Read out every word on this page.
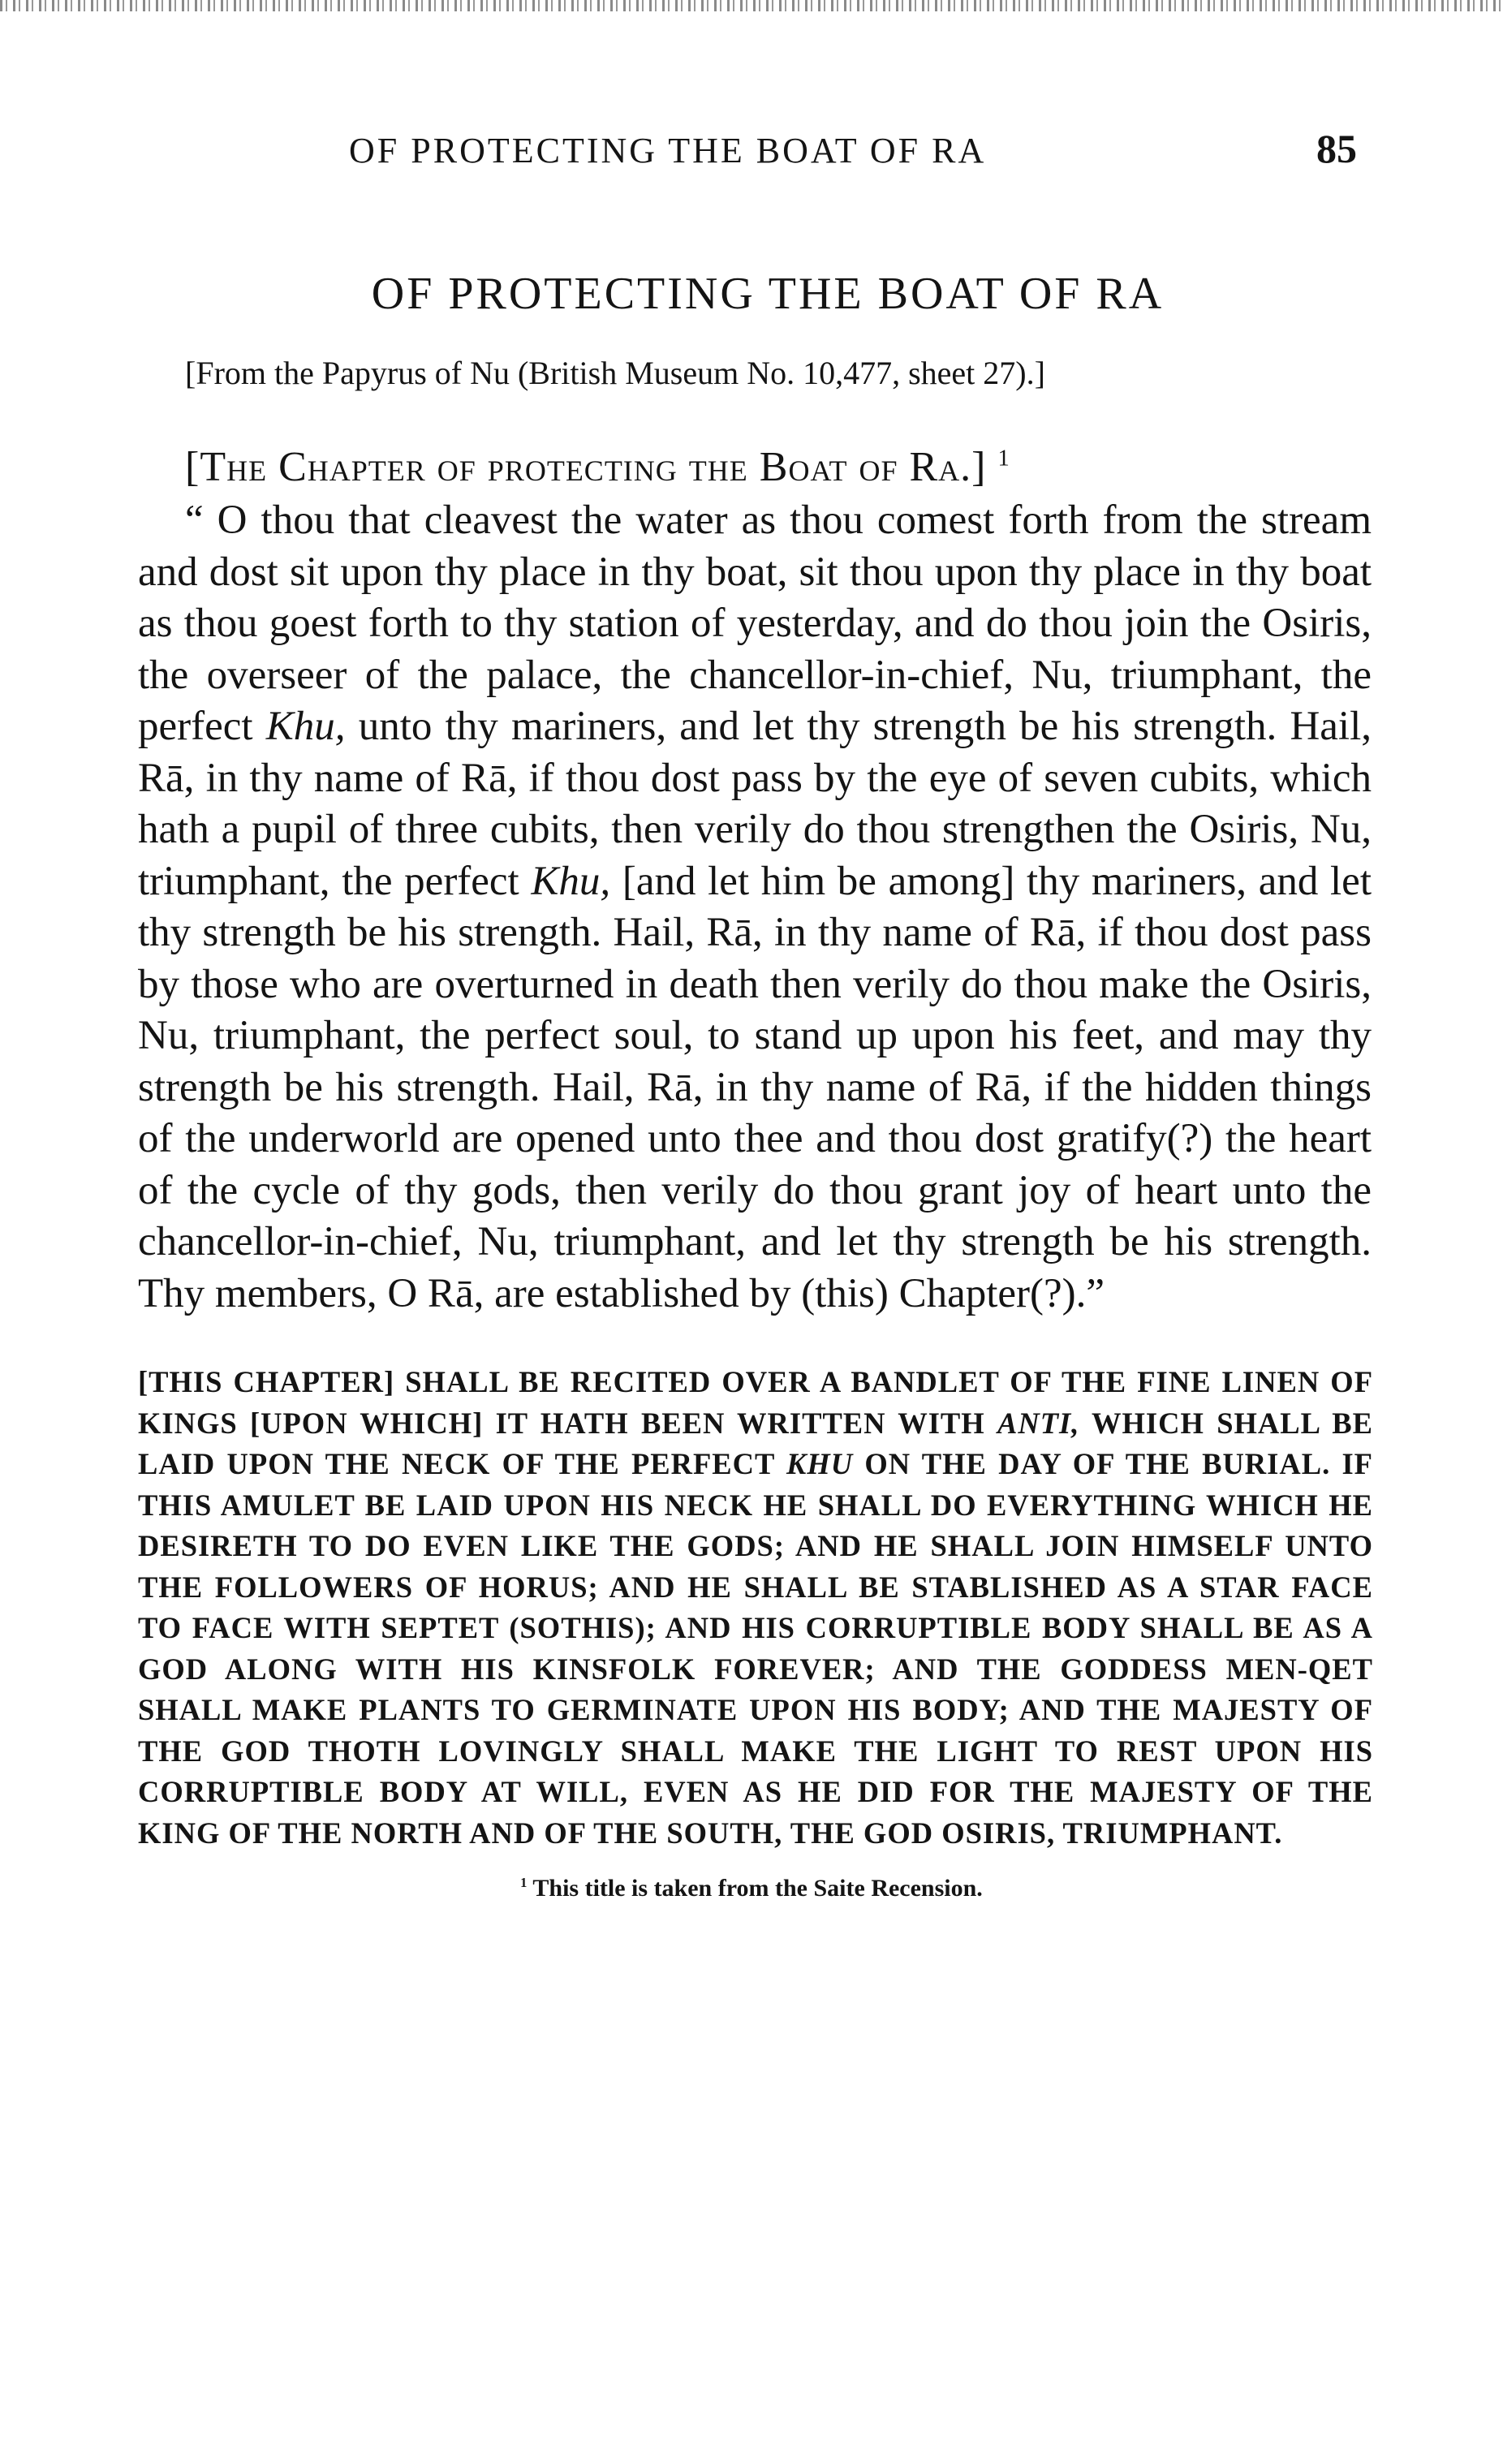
OF PROTECTING THE BOAT OF RA	85
OF PROTECTING THE BOAT OF RA
[From the Papyrus of Nu (British Museum No. 10,477, sheet 27).]
[The Chapter of protecting the Boat of Ra.] $^1$

“ O thou that cleavest the water as thou comest forth from the stream and dost sit upon thy place in thy boat, sit thou upon thy place in thy boat as thou goest forth to thy station of yesterday, and do thou join the Osiris, the overseer of the palace, the chancellor-in-chief, Nu, triumphant, the perfect Khu, unto thy mariners, and let thy strength be his strength. Hail, Rā, in thy name of Rā, if thou dost pass by the eye of seven cubits, which hath a pupil of three cubits, then verily do thou strengthen the Osiris, Nu, triumphant, the perfect Khu, [and let him be among] thy mariners, and let thy strength be his strength. Hail, Rā, in thy name of Rā, if thou dost pass by those who are overturned in death then verily do thou make the Osiris, Nu, triumphant, the perfect soul, to stand up upon his feet, and may thy strength be his strength. Hail, Rā, in thy name of Rā, if the hidden things of the underworld are opened unto thee and thou dost gratify(?) the heart of the cycle of thy gods, then verily do thou grant joy of heart unto the chancellor-in-chief, Nu, triumphant, and let thy strength be his strength. Thy members, O Rā, are established by (this) Chapter(?).”

[THIS CHAPTER] SHALL BE RECITED OVER A BANDLET OF THE FINE LINEN OF KINGS [UPON WHICH] IT HATH BEEN WRITTEN WITH ANTI, WHICH SHALL BE LAID UPON THE NECK OF THE PERFECT KHU ON THE DAY OF THE BURIAL. IF THIS AMULET BE LAID UPON HIS NECK HE SHALL DO EVERYTHING WHICH HE DESIRETH TO DO EVEN LIKE THE GODS; AND HE SHALL JOIN HIMSELF UNTO THE FOLLOWERS OF HORUS; AND HE SHALL BE STABLISHED AS A STAR FACE TO FACE WITH SEPTET (SOTHIS); AND HIS CORRUPTIBLE BODY SHALL BE AS A GOD ALONG WITH HIS KINSFOLK FOREVER; AND THE GODDESS MEN-QET SHALL MAKE PLANTS TO GERMINATE UPON HIS BODY; AND THE MAJESTY OF THE GOD THOTH LOVINGLY SHALL MAKE THE LIGHT TO REST UPON HIS CORRUPTIBLE BODY AT WILL, EVEN AS HE DID FOR THE MAJESTY OF THE KING OF THE NORTH AND OF THE SOUTH, THE GOD OSIRIS, TRIUMPHANT.

$^1$ This title is taken from the Saite Recension.
